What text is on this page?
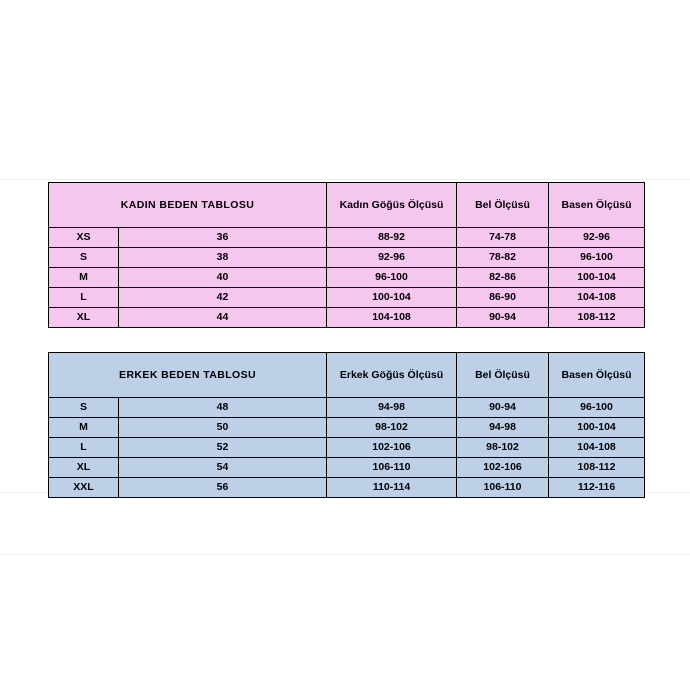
KADIN BEDEN TABLOSU		Kadın Göğüs Ölçüsü	Bel Ölçüsü	Basen Ölçüsü
XS	36	88-92	74-78	92-96
S	38	92-96	78-82	96-100
M	40	96-100	82-86	100-104
L	42	100-104	86-90	104-108
XL	44	104-108	90-94	108-112
ERKEK BEDEN TABLOSU		Erkek Göğüs Ölçüsü	Bel Ölçüsü	Basen Ölçüsü
S	48	94-98	90-94	96-100
M	50	98-102	94-98	100-104
L	52	102-106	98-102	104-108
XL	54	106-110	102-106	108-112
XXL	56	110-114	106-110	112-116
